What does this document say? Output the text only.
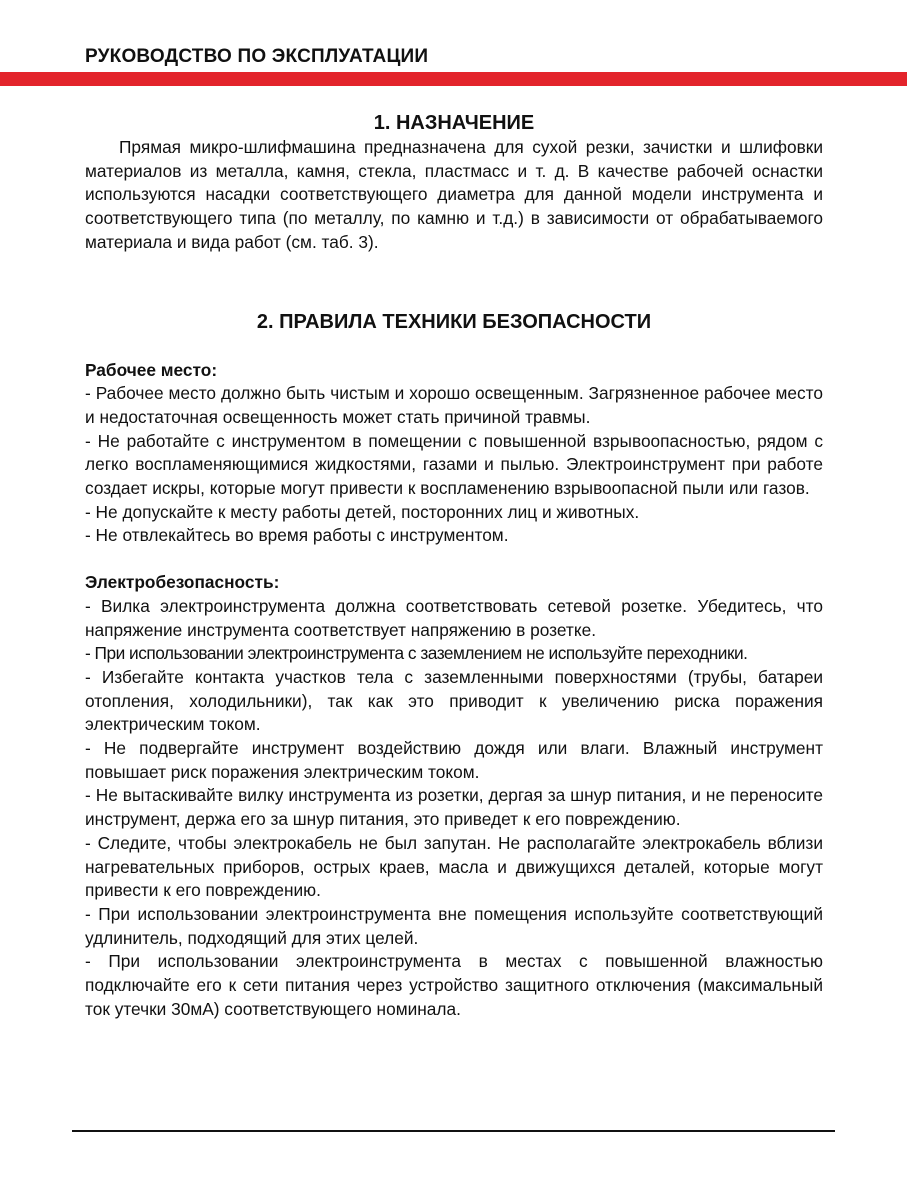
РУКОВОДСТВО ПО ЭКСПЛУАТАЦИИ
1. НАЗНАЧЕНИЕ

Прямая микро-шлифмашина предназначена для сухой резки, зачистки и шлифовки материалов из металла, камня, стекла, пластмасс и т. д. В качестве рабочей оснастки используются насадки соответствующего диаметра для данной модели инструмента и соответствующего типа (по металлу, по камню и т.д.) в зависимости от обрабатываемого материала и вида работ (см. таб. 3).

2. ПРАВИЛА ТЕХНИКИ БЕЗОПАСНОСТИ
Рабочее место:

- Рабочее место должно быть чистым и хорошо освещенным. Загрязненное рабочее место и недостаточная освещенность может стать причиной травмы.

- Не работайте с инструментом в помещении с повышенной взрывоопасностью, рядом с легко воспламеняющимися жидкостями, газами и пылью. Электроинструмент при работе создает искры, которые могут привести к воспламенению взрывоопасной пыли или газов.

- Не допускайте к месту работы детей, посторонних лиц и животных.

- Не отвлекайтесь во время работы с инструментом.

Электробезопасность:

- Вилка электроинструмента должна соответствовать сетевой розетке. Убедитесь, что напряжение инструмента соответствует напряжению в розетке.

- При использовании электроинструмента с заземлением не используйте переходники.

- Избегайте контакта участков тела с заземленными поверхностями (трубы, батареи отопления, холодильники), так как это приводит к увеличению риска поражения электрическим током.

- Не подвергайте инструмент воздействию дождя или влаги. Влажный инструмент повышает риск поражения электрическим током.

- Не вытаскивайте вилку инструмента из розетки, дергая за шнур питания, и не переносите инструмент, держа его за шнур питания, это приведет к его повреждению.

- Следите, чтобы электрокабель не был запутан. Не располагайте электрокабель вблизи нагревательных приборов, острых краев, масла и движущихся деталей, которые могут привести к его повреждению.

- При использовании электроинструмента вне помещения используйте соответствующий удлинитель, подходящий для этих целей.

- При использовании электроинструмента в местах с повышенной влажностью подключайте его к сети питания через устройство защитного отключения (максимальный ток утечки 30мА) соответствующего номинала.
